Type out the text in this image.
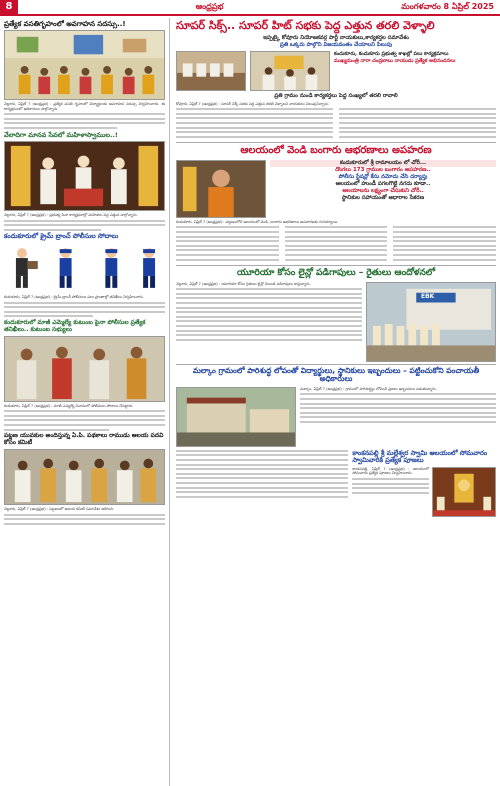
8	ఆంధ్రప్రభ	మంగళవారం 8 ఏప్రిల్ 2025
ప్రత్యేక వసతిగృహంలో అవగాహన సదస్సు..!
నెల్లూరు, ఏప్రిల్ 7 (ఆంధ్రప్రభ) : ప్రత్యేక వసతి గృహంలో విద్యార్థులకు అవగాహన సదస్సు నిర్వహించారు. ఈ కార్యక్రమంలో అధికారులు పాల్గొన్నారు.
వేలాదిగా మానవ సేవలో మహిళాస్వాముల..!
నెల్లూరు, ఏప్రిల్ 7 (ఆంధ్రప్రభ) : ప్రభుత్వ సేవా కార్యక్రమాల్లో మహిళలు పెద్ద ఎత్తున పాల్గొన్నారు.
కందుకూరులో క్రైమ్ బ్రాంచ్ పోలీసుల సోదాలు
కందుకూరు, ఏప్రిల్ 7 (ఆంధ్రప్రభ) : క్రైమ్ బ్రాంచ్ పోలీసులు పలు ప్రాంతాల్లో తనిఖీలు నిర్వహించారు.
కందుకూరులో మాజీ ఎమ్మెల్యే కుటుంబ పైనా పోలీసుల ప్రత్యేక తనిఖీలు.. కుటుంబ సభ్యులు
కందుకూరు, ఏప్రిల్ 7 (ఆంధ్రప్రభ) : మాజీ ఎమ్మెల్యే నివాసంలో పోలీసులు సోదాలు చేపట్టారు.
పట్టణ యువకుల అందిస్తున్న ఏ.పి. పథకాలు రాముడు ఆలయ పదవి కోసం కమిటీ
నెల్లూరు, ఏప్రిల్ 7 (ఆంధ్రప్రభ) : పట్టణంలో ఆలయ కమిటీ సమావేశం జరిగింది.
సూపర్ సిక్స్.. సూపర్ హిట్ సభకు పెద్ద ఎత్తున తరలి వెళ్ళాలి
ఇప్పట్కై కోవూరు నియోజకవర్గ పార్టీ నాయకులు,కార్యకర్తల సమావేశం
ప్రతి ఒక్కరు పాల్గొని విజయవంతం చేయాలని పిలుపు
కందుకూరు, కందుకూరు ప్రభుత్వ శాఖల్లో పలు కార్యక్రమాలు
ముఖ్యమంత్రి నారా చంద్రబాబు నాయుడు ప్రత్యేక అభినందనలు
ప్రతి గ్రామం నుండి కార్యకర్తలు పెద్ద సంఖ్యలో తరలి రావాలి
కోవూరు, ఏప్రిల్ 7 (ఆంధ్రప్రభ) : సూపర్ సిక్స్ సభకు పెద్ద ఎత్తున తరలి వెళ్ళాలని నాయకులు పిలుపునిచ్చారు.
ఆలయంలో వెండి బంగారు ఆభరణాలు అపహరణ
కందుకూరులో శ్రీ రామాలయం లో చోరీ...
దొంగలు 173 గ్రాముల బంగారం అపహరణ..
పోలీసు స్టేషన్లో కేసు నమోదు చేసి దర్యాప్తు
ఆలయంలో హుండీ పగలగొట్టి నగదు కూడా..
ఆలయాలను లక్ష్యంగా చేసుకుని చోరీ..
స్థానికుల సహాయంతో ఆధారాల సేకరణ
కందుకూరు, ఏప్రిల్ 7 (ఆంధ్రప్రభ) : పట్టణంలోని ఆలయంలో వెండి, బంగారు ఆభరణాలు అపహరణకు గురయ్యాయి.
యూరియా కోసం లైన్లో పడిగాపులు – రైతులు ఆందోళనలో
నెల్లూరు, ఏప్రిల్ 7 (ఆంధ్రప్రభ) : యూరియా కోసం రైతులు లైన్లో నిలబడి పడిగాపులు కాస్తున్నారు.
EBK
మల్కాం గ్రామంలో పారిశుద్ధ లోపంతో విద్యార్థులు, స్థానికులు ఇబ్బందులు – పట్టించుకోని పంచాయతీ అధికారులు
మల్కాం, ఏప్రిల్ 7 (ఆంధ్రప్రభ) : గ్రామంలో పారిశుద్ధ్యం లోపించి ప్రజలు ఇబ్బందులు పడుతున్నారు.
కాంకనపల్లి శ్రీ మల్లేశ్వర స్వామి ఆలయంలో సోమవారం స్వామివారికి ప్రత్యేక పూజలు
కాంకనపల్లి, ఏప్రిల్ 7 (ఆంధ్రప్రభ) : ఆలయంలో సోమవారం ప్రత్యేక పూజలు నిర్వహించారు.
